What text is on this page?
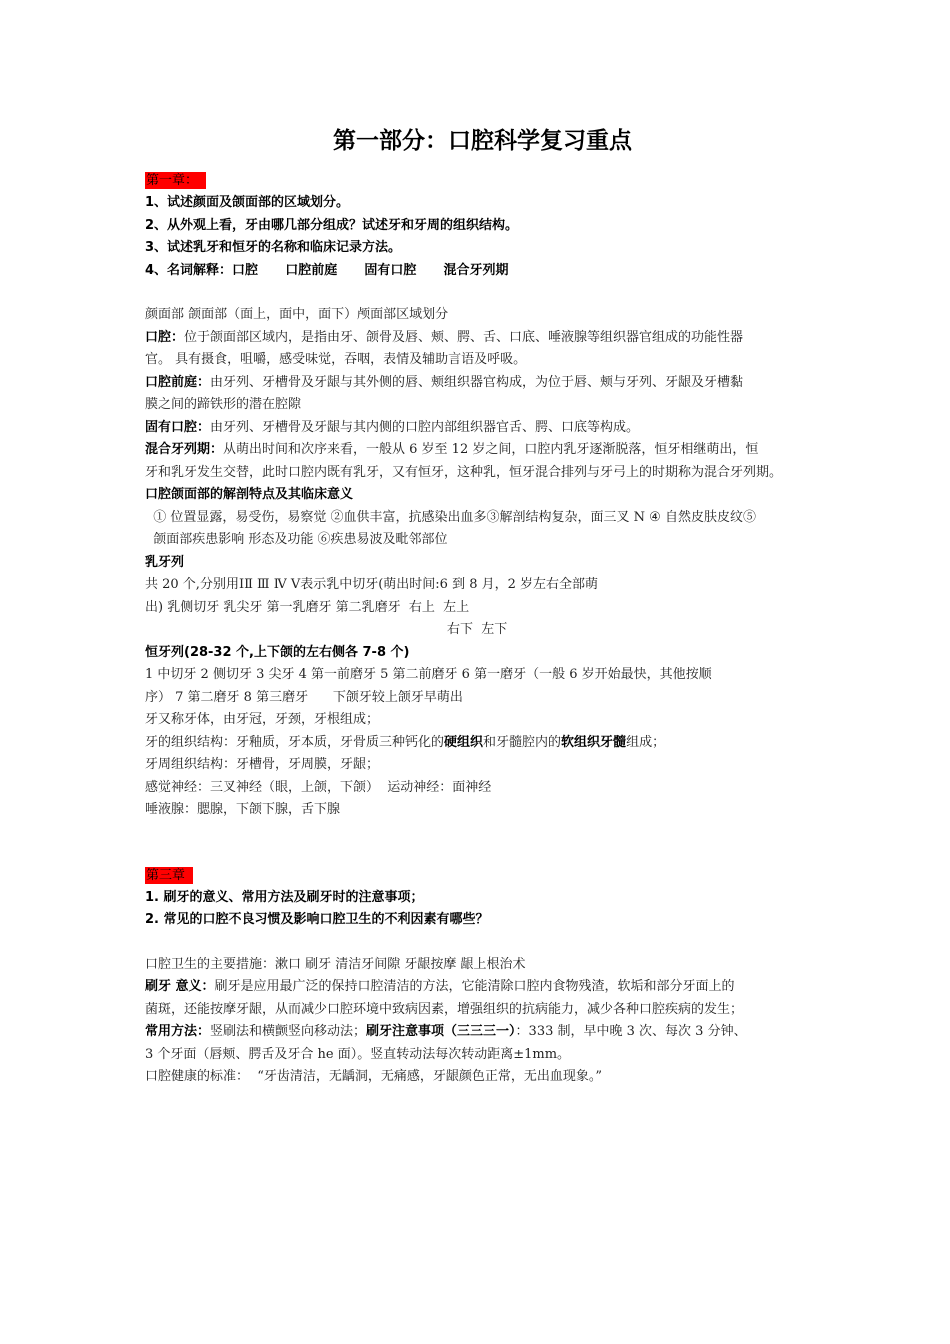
第一部分：口腔科学复习重点
第一章：
1、试述颜面及颌面部的区域划分。
2、从外观上看，牙由哪几部分组成？试述牙和牙周的组织结构。
3、试述乳牙和恒牙的名称和临床记录方法。
4、名词解释：口腔      口腔前庭      固有口腔      混合牙列期
颜面部 颌面部（面上，面中，面下）颅面部区域划分
口腔：位于颌面部区域内，是指由牙、颌骨及唇、颊、腭、舌、口底、唾液腺等组织器官组成的功能性器
官。 具有摄食，咀嚼，感受味觉，吞咽，表情及辅助言语及呼吸。
口腔前庭：由牙列、牙槽骨及牙龈与其外侧的唇、颊组织器官构成，为位于唇、颊与牙列、牙龈及牙槽黏
膜之间的蹄铁形的潜在腔隙
固有口腔：由牙列、牙槽骨及牙龈与其内侧的口腔内部组织器官舌、腭、口底等构成。
混合牙列期：从萌出时间和次序来看，一般从 6 岁至 12 岁之间，口腔内乳牙逐渐脱落，恒牙相继萌出，恒
牙和乳牙发生交替，此时口腔内既有乳牙，又有恒牙，这种乳，恒牙混合排列与牙弓上的时期称为混合牙列期。
口腔颌面部的解剖特点及其临床意义
① 位置显露，易受伤，易察觉 ②血供丰富，抗感染出血多③解剖结构复杂，面三叉 N ④ 自然皮肤皮纹⑤
颌面部疾患影响 形态及功能 ⑥疾患易波及毗邻部位
乳牙列
共 20 个,分别用ⅠⅡ Ⅲ Ⅳ Ⅴ表示乳中切牙(萌出时间:6 到 8 月，2 岁左右全部萌
出) 乳侧切牙 乳尖牙 第一乳磨牙 第二乳磨牙  右上  左上
右下  左下
恒牙列(28-32 个,上下颌的左右侧各 7-8 个)
1 中切牙 2 侧切牙 3 尖牙 4 第一前磨牙 5 第二前磨牙 6 第一磨牙（一般 6 岁开始最快，其他按顺
序） 7 第二磨牙 8 第三磨牙      下颌牙较上颌牙早萌出
牙又称牙体，由牙冠，牙颈，牙根组成；
牙的组织结构：牙釉质，牙本质，牙骨质三种钙化的硬组织和牙髓腔内的软组织牙髓组成；
牙周组织结构：牙槽骨，牙周膜，牙龈；
感觉神经：三叉神经（眼，上颌，下颌）  运动神经：面神经
唾液腺：腮腺，下颌下腺，舌下腺
第三章
1. 刷牙的意义、常用方法及刷牙时的注意事项；
2. 常见的口腔不良习惯及影响口腔卫生的不利因素有哪些？
口腔卫生的主要措施：漱口 刷牙 清洁牙间隙 牙龈按摩 龈上根治术
刷牙 意义：刷牙是应用最广泛的保持口腔清洁的方法，它能清除口腔内食物残渣，软垢和部分牙面上的
菌斑，还能按摩牙龈，从而减少口腔环境中致病因素，增强组织的抗病能力，减少各种口腔疾病的发生；
常用方法：竖刷法和横颤竖向移动法；刷牙注意事项（三三三一）：333 制，早中晚 3 次、每次 3 分钟、
3 个牙面（唇颊、腭舌及牙合 he 面）。竖直转动法每次转动距离±1mm。
口腔健康的标准：  “牙齿清洁，无龋洞，无痛感，牙龈颜色正常，无出血现象。”
